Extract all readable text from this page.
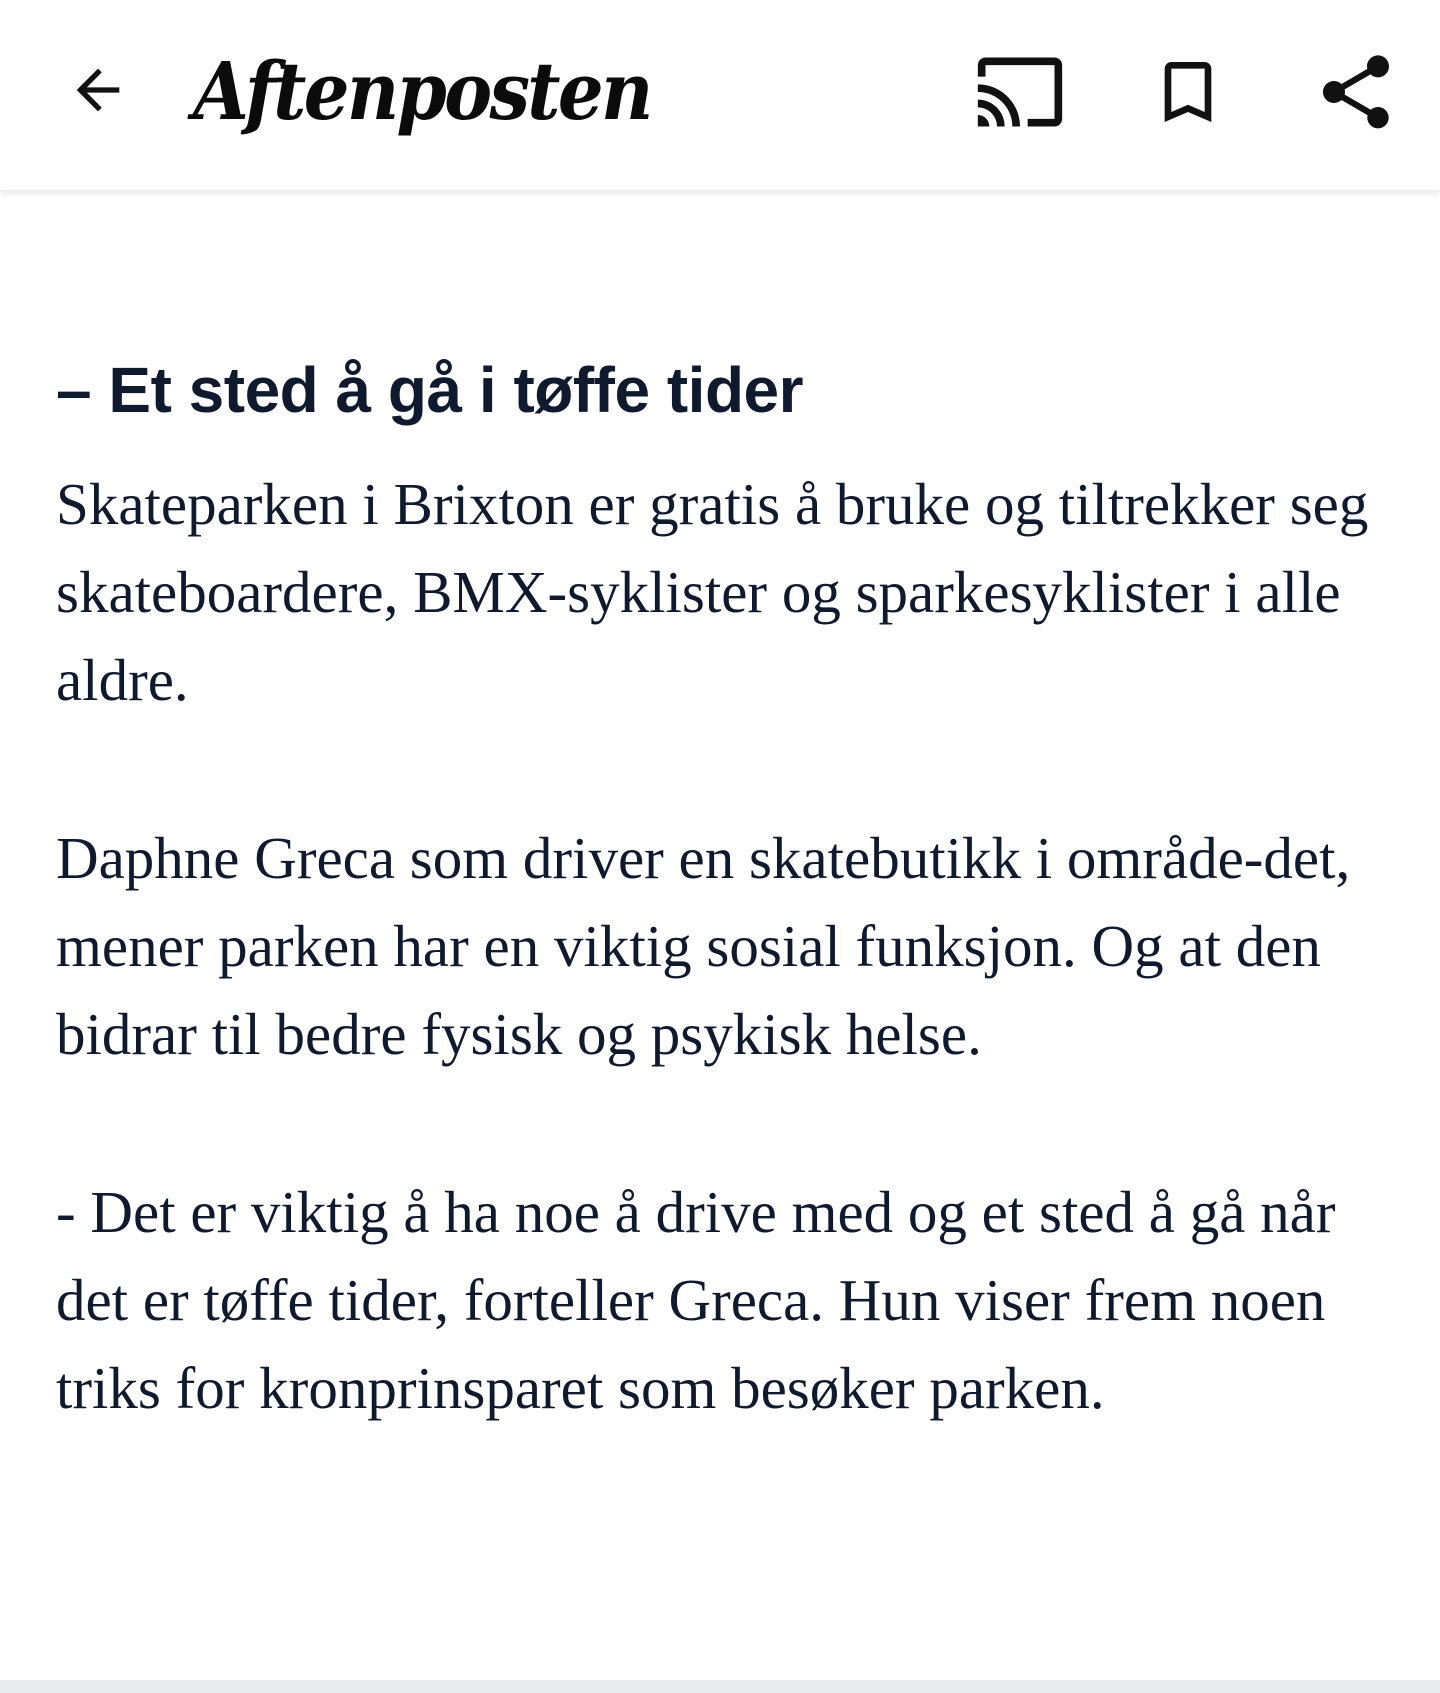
Aftenposten
– Et sted å gå i tøffe tider

Skateparken i Brixton er gratis å bruke og tiltrekker seg skateboardere, BMX-syklister og sparkesyklister i alle aldre.

Daphne Greca som driver en skatebutikk i område-det, mener parken har en viktig sosial funksjon. Og at den bidrar til bedre fysisk og psykisk helse.

- Det er viktig å ha noe å drive med og et sted å gå når det er tøffe tider, forteller Greca. Hun viser frem noen triks for kronprinsparet som besøker parken.
